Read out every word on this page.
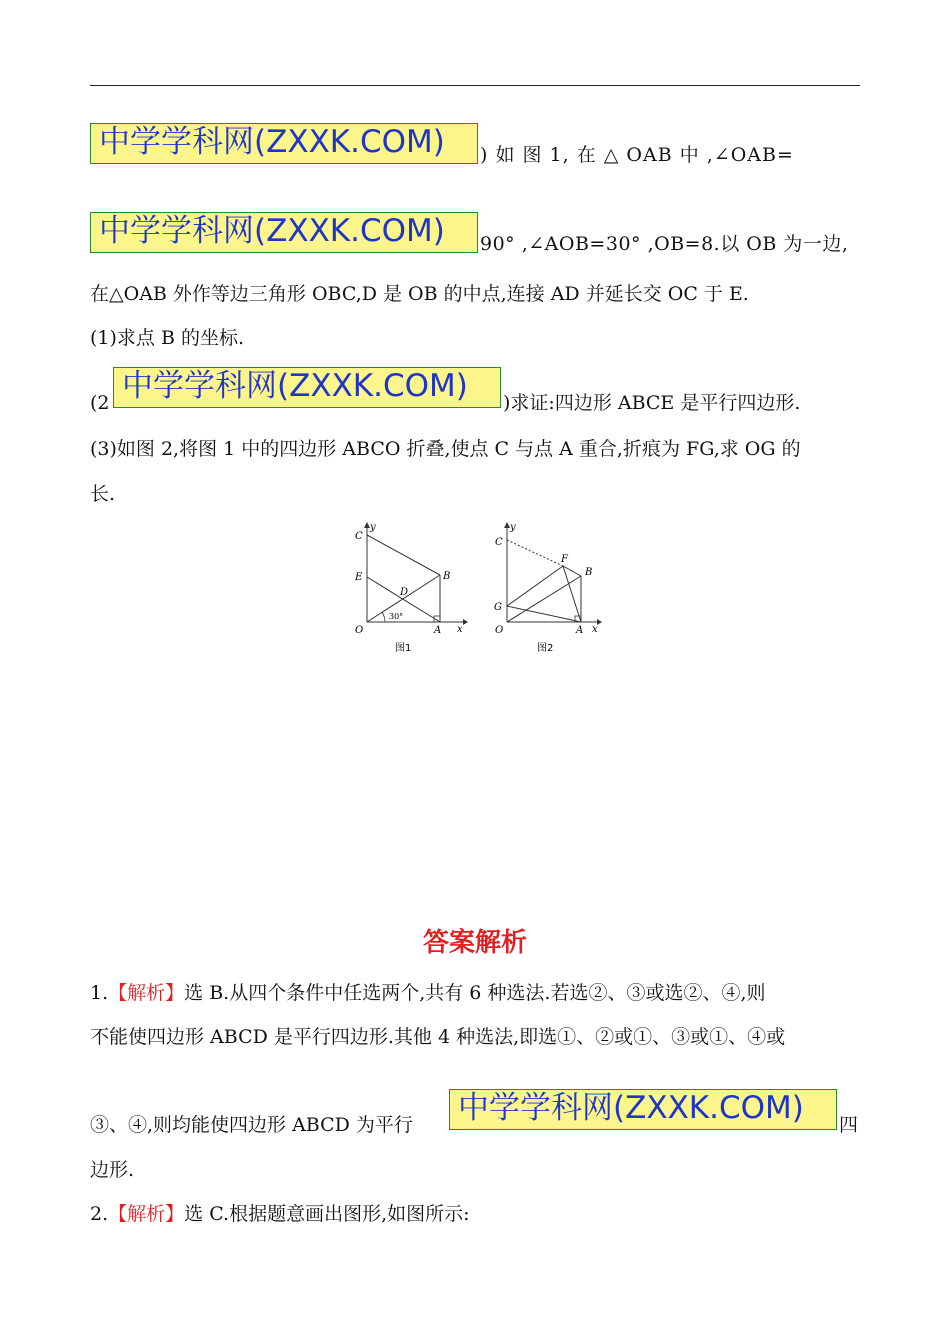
中学学科网(ZXXK.COM)	) 如 图 1, 在 △ OAB 中 ,∠OAB=
中学学科网(ZXXK.COM)	90° ,∠AOB=30° ,OB=8.以 OB 为一边,
在△OAB 外作等边三角形 OBC,D 是 OB 的中点,连接 AD 并延长交 OC 于 E.
(1)求点 B 的坐标.
(2 中学学科网(ZXXK.COM)	)求证:四边形 ABCE 是平行四边形.
(3)如图 2,将图 1 中的四边形 ABCO 折叠,使点 C 与点 A 重合,折痕为 FG,求 OG 的
长.
y
x
C
E	B
D
O	A
30°
图1
y
x
C
F
B
G
O	A
图2
答案解析
1.【解析】选 B.从四个条件中任选两个,共有 6 种选法.若选②、③或选②、④,则
不能使四边形 ABCD 是平行四边形.其他 4 种选法,即选①、②或①、③或①、④或
③、④,则均能使四边形 ABCD 为平行 中学学科网(ZXXK.COM)	四
边形.
2.【解析】选 C.根据题意画出图形,如图所示:
